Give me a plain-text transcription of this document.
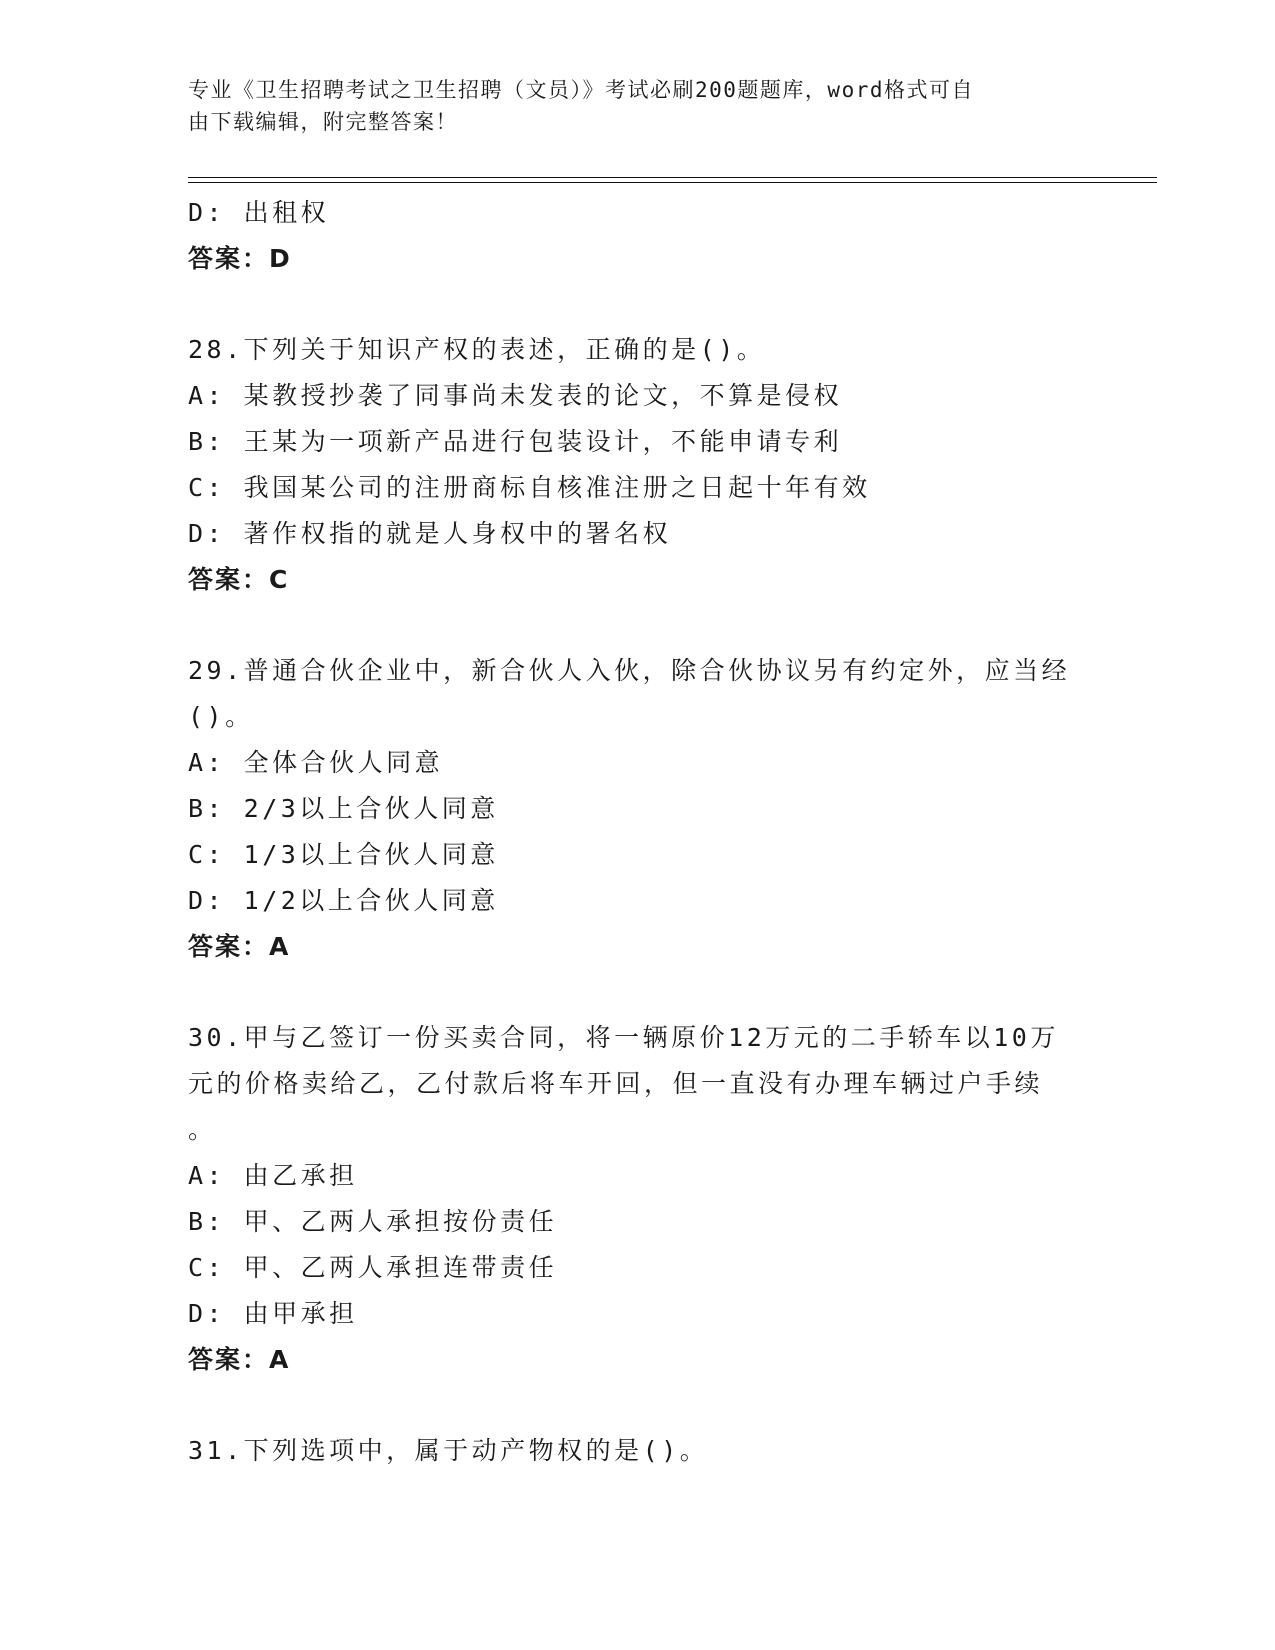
专业《卫生招聘考试之卫生招聘（文员）》考试必刷200题题库，word格式可自
由下载编辑，附完整答案！
D: 出租权
答案：D
28.下列关于知识产权的表述，正确的是()。
A: 某教授抄袭了同事尚未发表的论文，不算是侵权
B: 王某为一项新产品进行包装设计，不能申请专利
C: 我国某公司的注册商标自核准注册之日起十年有效
D: 著作权指的就是人身权中的署名权
答案：C
29.普通合伙企业中，新合伙人入伙，除合伙协议另有约定外，应当经
()。
A: 全体合伙人同意
B: 2/3以上合伙人同意
C: 1/3以上合伙人同意
D: 1/2以上合伙人同意
答案：A
30.甲与乙签订一份买卖合同，将一辆原价12万元的二手轿车以10万
元的价格卖给乙，乙付款后将车开回，但一直没有办理车辆过户手续
。
A: 由乙承担
B: 甲、乙两人承担按份责任
C: 甲、乙两人承担连带责任
D: 由甲承担
答案：A
31.下列选项中，属于动产物权的是()。
